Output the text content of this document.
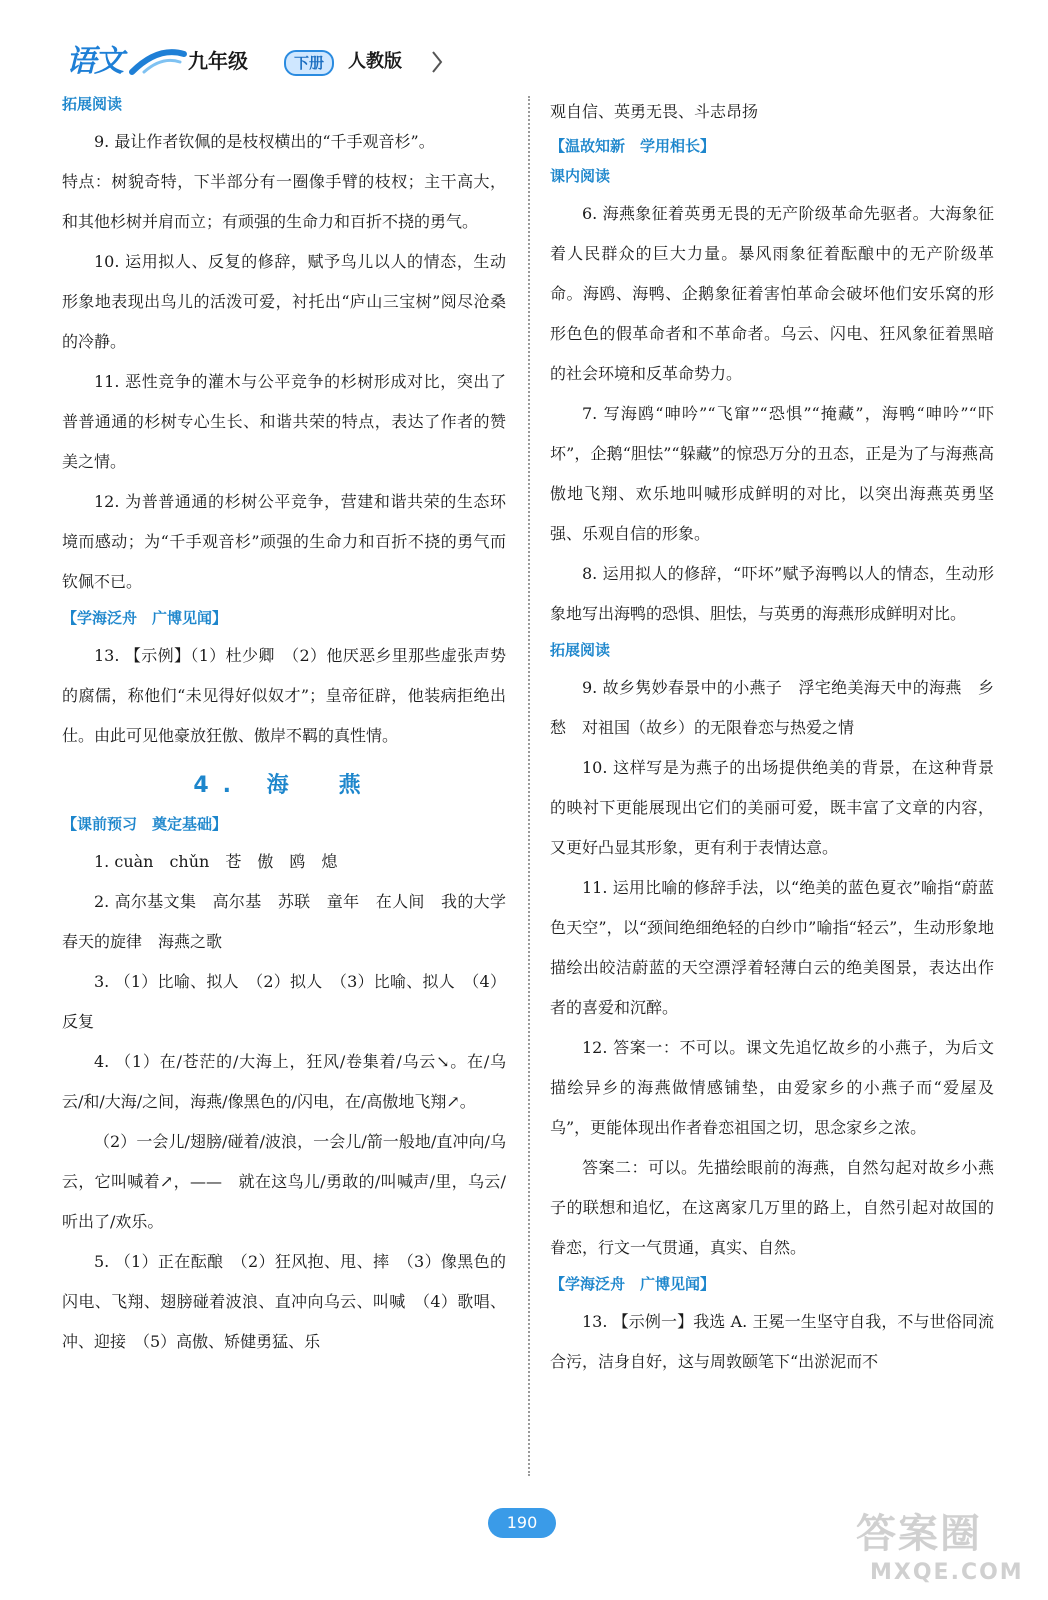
语文	九年级	下册	人教版
拓展阅读

9. 最让作者钦佩的是枝杈横出的“千手观音杉”。

特点：树貌奇特，下半部分有一圈像手臂的枝杈；主干高大，和其他杉树并肩而立；有顽强的生命力和百折不挠的勇气。

10. 运用拟人、反复的修辞，赋予鸟儿以人的情态，生动形象地表现出鸟儿的活泼可爱，衬托出“庐山三宝树”阅尽沧桑的冷静。

11. 恶性竞争的灌木与公平竞争的杉树形成对比，突出了普普通通的杉树专心生长、和谐共荣的特点，表达了作者的赞美之情。

12. 为普普通通的杉树公平竞争，营建和谐共荣的生态环境而感动；为“千手观音杉”顽强的生命力和百折不挠的勇气而钦佩不已。

【学海泛舟　广博见闻】

13. 【示例】（1）杜少卿　（2）他厌恶乡里那些虚张声势的腐儒，称他们“未见得好似奴才”；皇帝征辟，他装病拒绝出仕。由此可见他豪放狂傲、傲岸不羁的真性情。

4. 海　燕
【课前预习　奠定基础】

1. cuàn　chǔn　苍　傲　鸥　熄

2. 高尔基文集　高尔基　苏联　童年　在人间　我的大学　春天的旋律　海燕之歌

3. （1）比喻、拟人　（2）拟人　（3）比喻、拟人　（4）反复

4. （1）在/苍茫的/大海上，狂风/卷集着/乌云↘。在/乌云/和/大海/之间，海燕/像黑色的/闪电，在/高傲地飞翔↗。

（2）一会儿/翅膀/碰着/波浪，一会儿/箭一般地/直冲向/乌云，它叫喊着↗，——　就在这鸟儿/勇敢的/叫喊声/里，乌云/听出了/欢乐。

5. （1）正在酝酿　（2）狂风抱、甩、摔　（3）像黑色的闪电、飞翔、翅膀碰着波浪、直冲向乌云、叫喊　（4）歌唱、冲、迎接　（5）高傲、矫健勇猛、乐

观自信、英勇无畏、斗志昂扬

【温故知新　学用相长】
课内阅读

6. 海燕象征着英勇无畏的无产阶级革命先驱者。大海象征着人民群众的巨大力量。暴风雨象征着酝酿中的无产阶级革命。海鸥、海鸭、企鹅象征着害怕革命会破坏他们安乐窝的形形色色的假革命者和不革命者。乌云、闪电、狂风象征着黑暗的社会环境和反革命势力。

7. 写海鸥“呻吟”“飞窜”“恐惧”“掩藏”，海鸭“呻吟”“吓坏”，企鹅“胆怯”“躲藏”的惊恐万分的丑态，正是为了与海燕高傲地飞翔、欢乐地叫喊形成鲜明的对比，以突出海燕英勇坚强、乐观自信的形象。

8. 运用拟人的修辞，“吓坏”赋予海鸭以人的情态，生动形象地写出海鸭的恐惧、胆怯，与英勇的海燕形成鲜明对比。

拓展阅读

9. 故乡隽妙春景中的小燕子　浮宅绝美海天中的海燕　乡愁　对祖国（故乡）的无限眷恋与热爱之情

10. 这样写是为燕子的出场提供绝美的背景，在这种背景的映衬下更能展现出它们的美丽可爱，既丰富了文章的内容，又更好凸显其形象，更有利于表情达意。

11. 运用比喻的修辞手法，以“绝美的蓝色夏衣”喻指“蔚蓝色天空”，以“颈间绝细绝轻的白纱巾”喻指“轻云”，生动形象地描绘出皎洁蔚蓝的天空漂浮着轻薄白云的绝美图景，表达出作者的喜爱和沉醉。

12. 答案一：不可以。课文先追忆故乡的小燕子，为后文描绘异乡的海燕做情感铺垫，由爱家乡的小燕子而“爱屋及乌”，更能体现出作者眷恋祖国之切，思念家乡之浓。

答案二：可以。先描绘眼前的海燕，自然勾起对故乡小燕子的联想和追忆，在这离家几万里的路上，自然引起对故国的眷恋，行文一气贯通，真实、自然。

【学海泛舟　广博见闻】

13. 【示例一】我选 A. 王冕一生坚守自我，不与世俗同流合污，洁身自好，这与周敦颐笔下“出淤泥而不

190	答案圈
MXQE.COM
